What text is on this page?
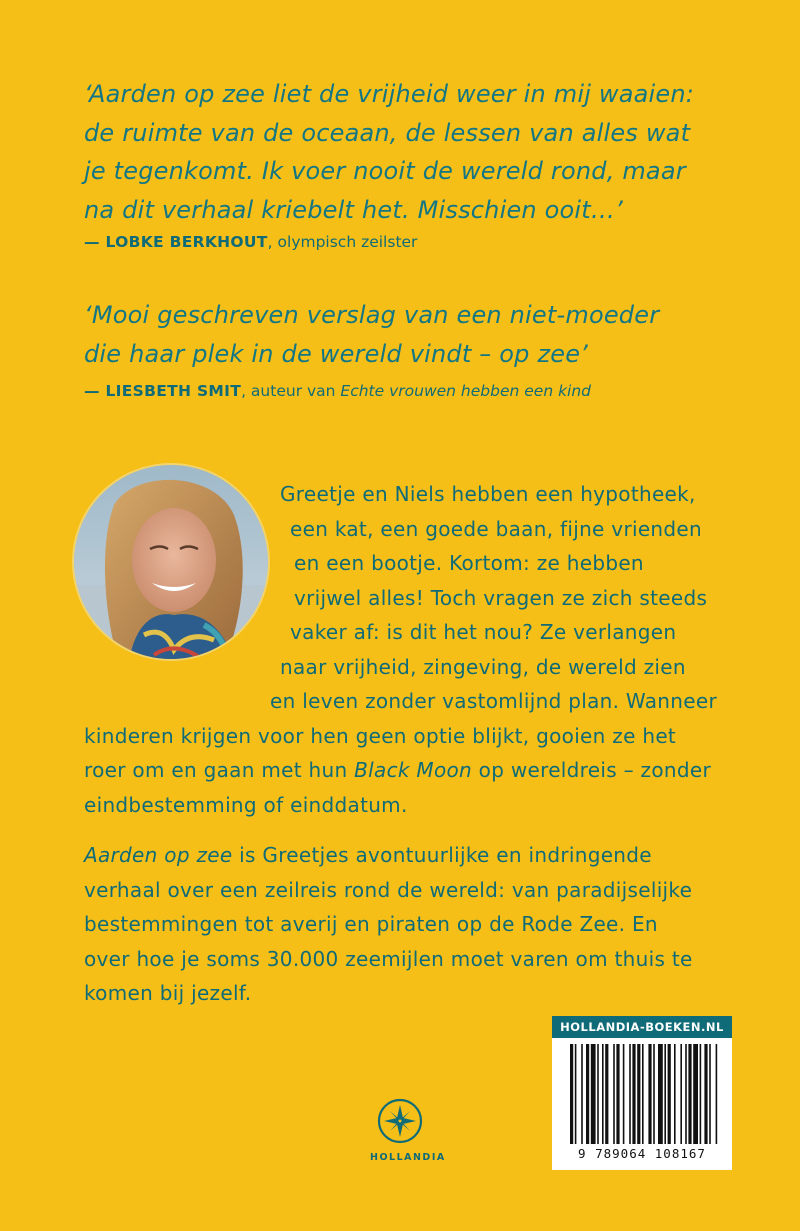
‘Aarden op zee liet de vrijheid weer in mij waaien:
de ruimte van de oceaan, de lessen van alles wat
je tegenkomt. Ik voer nooit de wereld rond, maar
na dit verhaal kriebelt het. Misschien ooit…’
— LOBKE BERKHOUT, olympisch zeilster
‘Mooi geschreven verslag van een niet-moeder
die haar plek in de wereld vindt – op zee’
— LIESBETH SMIT, auteur van Echte vrouwen hebben een kind
Greetje en Niels hebben een hypotheek,
een kat, een goede baan, fijne vrienden
en een bootje. Kortom: ze hebben
vrijwel alles! Toch vragen ze zich steeds
vaker af: is dit het nou? Ze verlangen
naar vrijheid, zingeving, de wereld zien
en leven zonder vastomlijnd plan. Wanneer
kinderen krijgen voor hen geen optie blijkt, gooien ze het
roer om en gaan met hun Black Moon op wereldreis – zonder
eindbestemming of einddatum.
Aarden op zee is Greetjes avontuurlijke en indringende
verhaal over een zeilreis rond de wereld: van paradijselijke
bestemmingen tot averij en piraten op de Rode Zee. En
over hoe je soms 30.000 zeemijlen moet varen om thuis te
komen bij jezelf.
HOLLANDIA
HOLLANDIA-BOEKEN.NL
9 789064 108167
